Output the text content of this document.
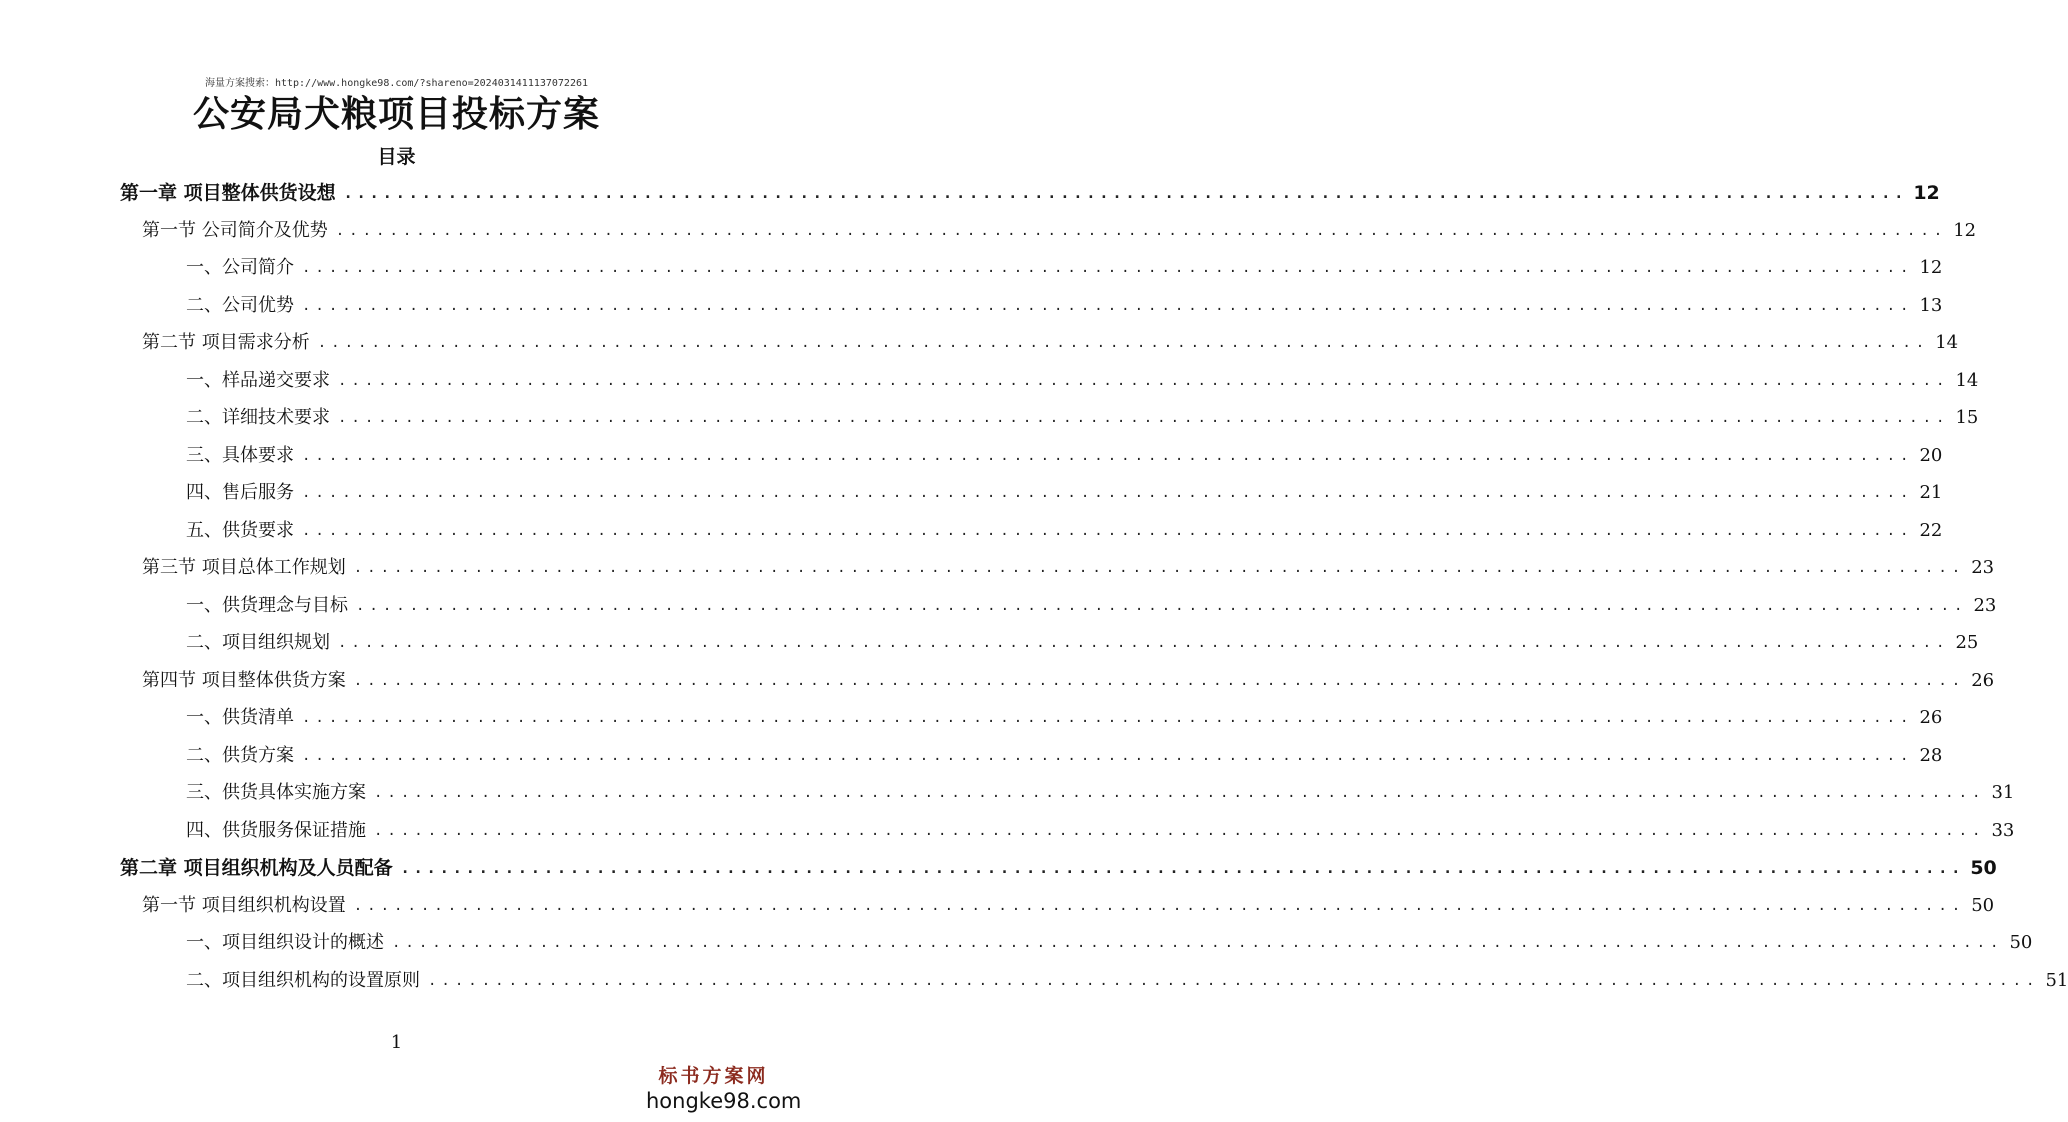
海量方案搜索：http://www.hongke98.com/?shareno=2024031411137072261
公安局犬粮项目投标方案
目录
第一章 项目整体供货设想 ........................................................................................................................ 12
第一节 公司简介及优势 ........................................................................................................................ 12
一、公司简介 ........................................................................................................................ 12
二、公司优势 ........................................................................................................................ 13
第二节 项目需求分析 ........................................................................................................................ 14
一、样品递交要求 ........................................................................................................................ 14
二、详细技术要求 ........................................................................................................................ 15
三、具体要求 ........................................................................................................................ 20
四、售后服务 ........................................................................................................................ 21
五、供货要求 ........................................................................................................................ 22
第三节 项目总体工作规划 ........................................................................................................................ 23
一、供货理念与目标 ........................................................................................................................ 23
二、项目组织规划 ........................................................................................................................ 25
第四节 项目整体供货方案 ........................................................................................................................ 26
一、供货清单 ........................................................................................................................ 26
二、供货方案 ........................................................................................................................ 28
三、供货具体实施方案 ........................................................................................................................ 31
四、供货服务保证措施 ........................................................................................................................ 33
第二章 项目组织机构及人员配备 ........................................................................................................................ 50
第一节 项目组织机构设置 ........................................................................................................................ 50
一、项目组织设计的概述 ........................................................................................................................ 50
二、项目组织机构的设置原则 ........................................................................................................................ 51
1
标书方案网
hongke98.com
